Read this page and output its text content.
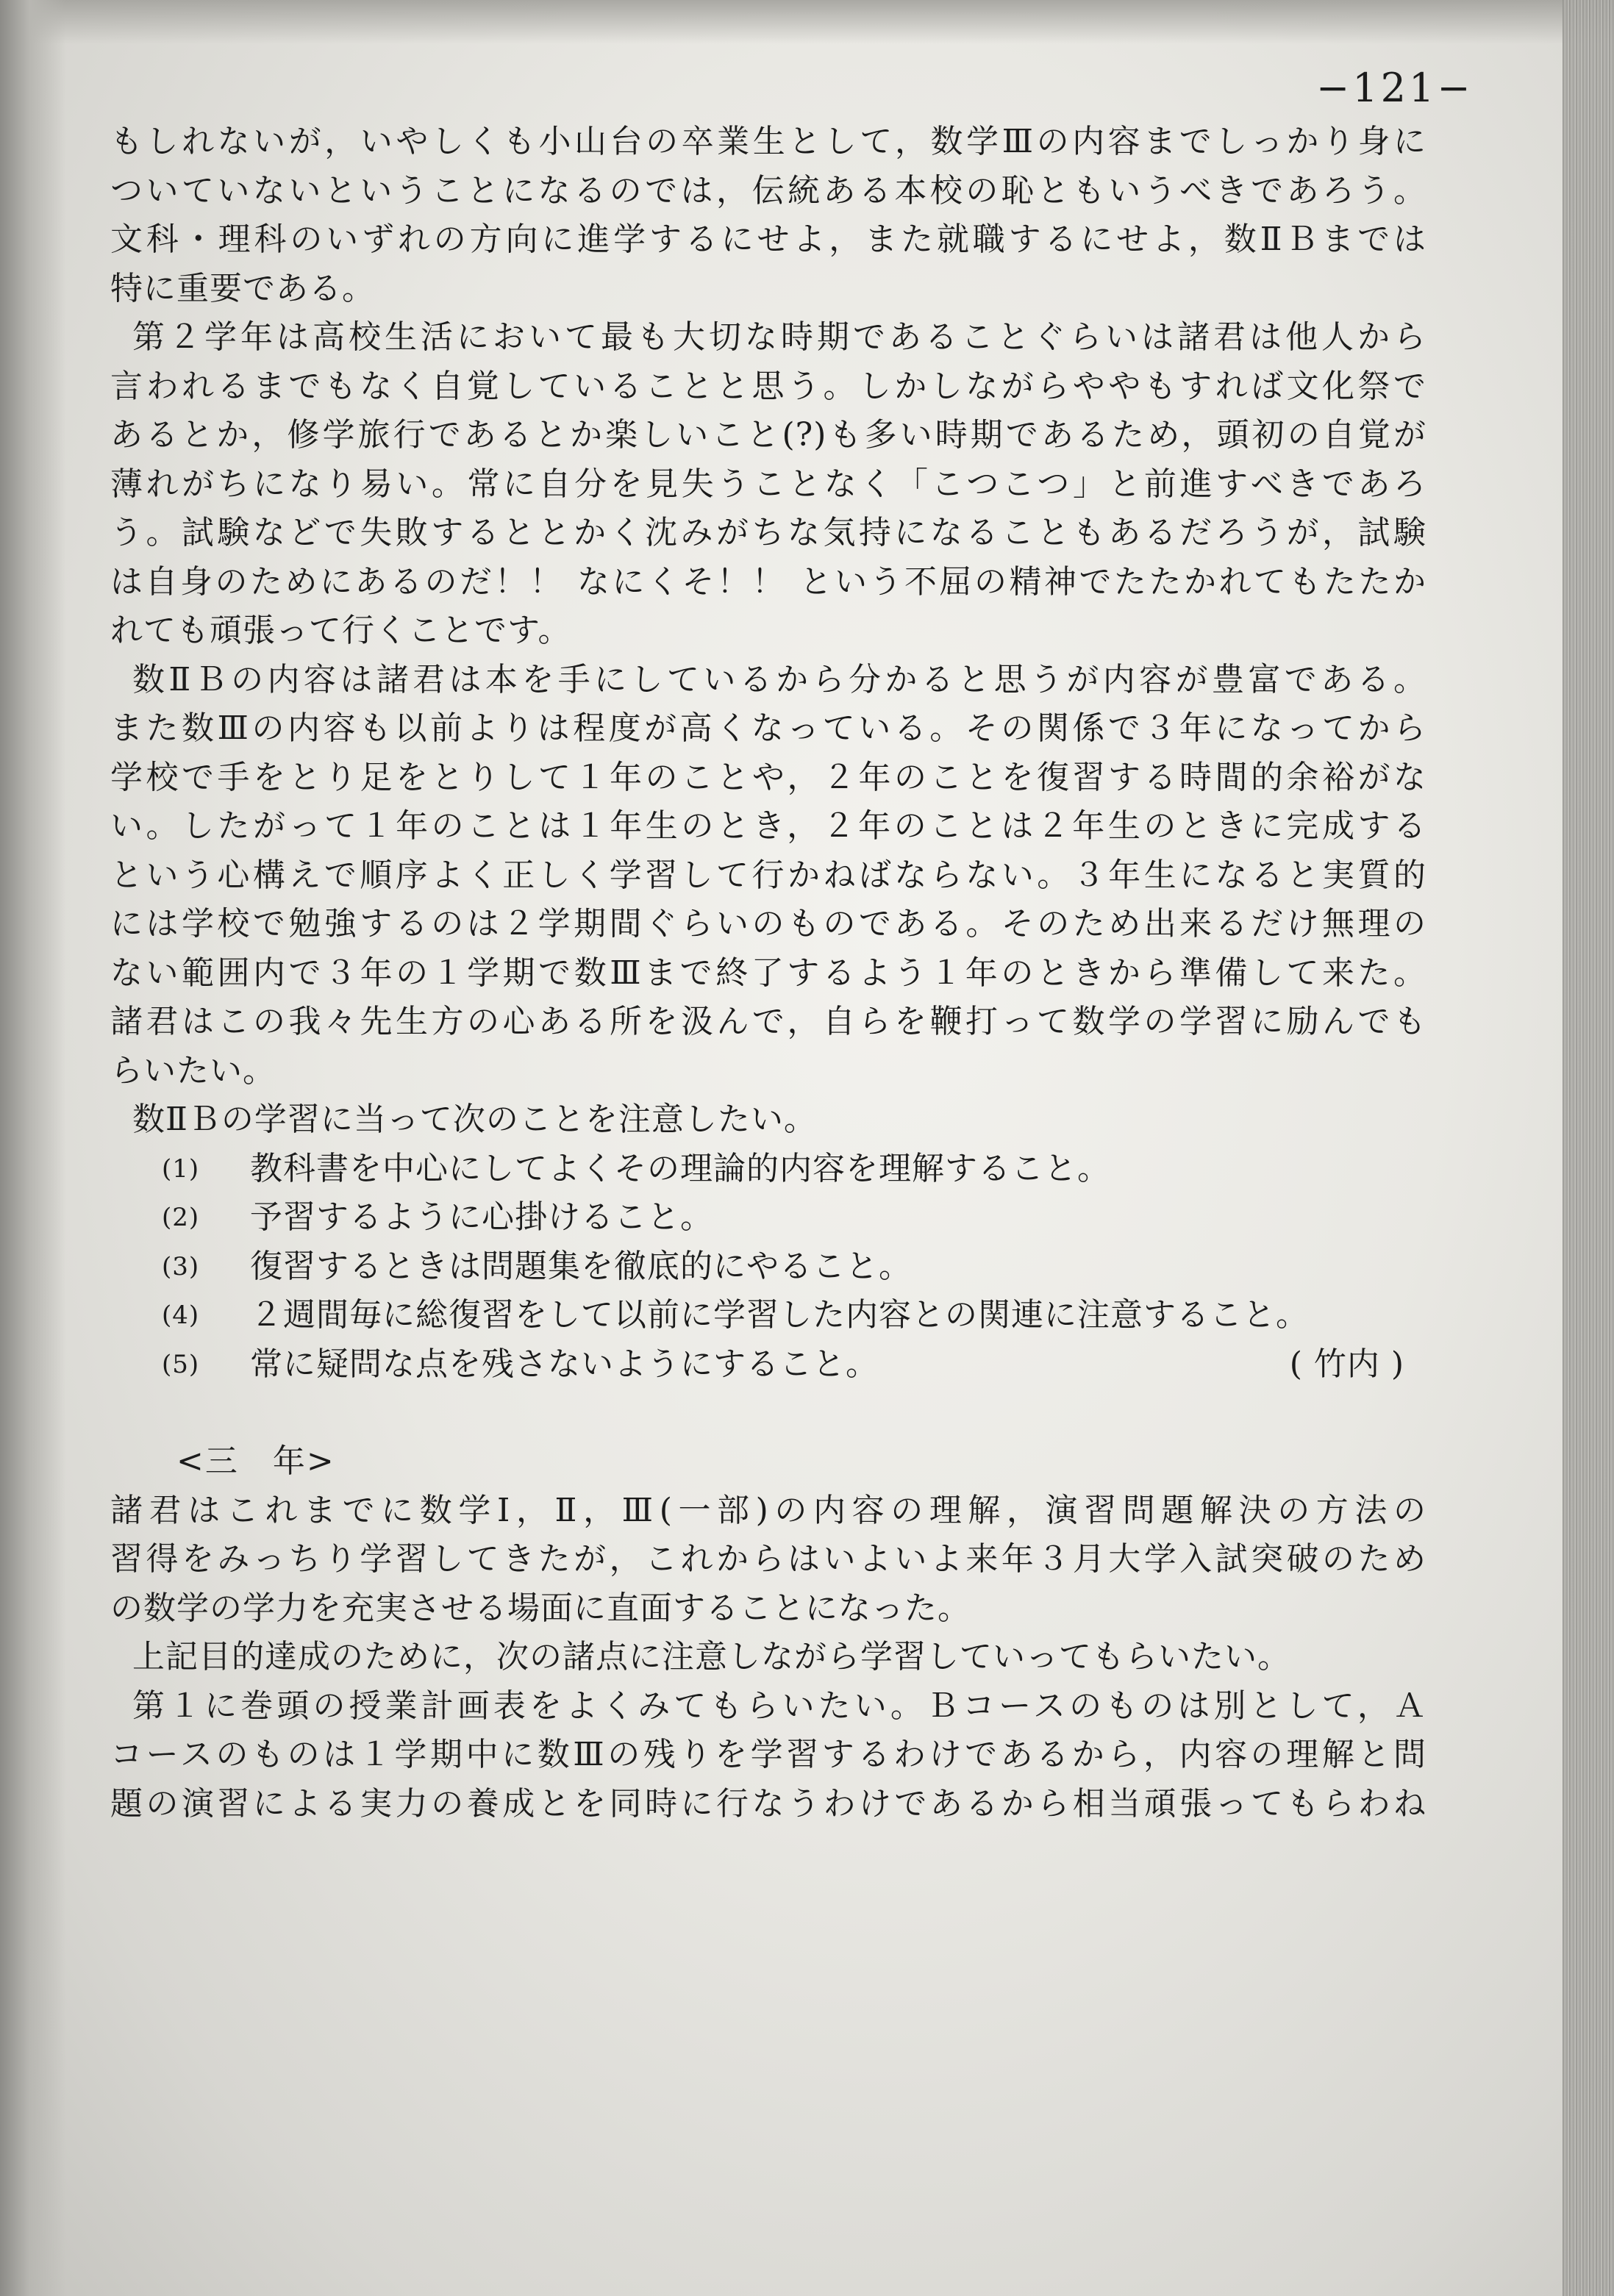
−121−
もしれないが，いやしくも小山台の卒業生として，数学Ⅲの内容までしっかり身に
ついていないということになるのでは，伝統ある本校の恥ともいうべきであろう。
文科・理科のいずれの方向に進学するにせよ，また就職するにせよ，数ⅡＢまでは
特に重要である。
第２学年は高校生活において最も大切な時期であることぐらいは諸君は他人から
言われるまでもなく自覚していることと思う。しかしながらややもすれば文化祭で
あるとか，修学旅行であるとか楽しいこと(?)も多い時期であるため，頭初の自覚が
薄れがちになり易い。常に自分を見失うことなく「こつこつ」と前進すべきであろ
う。試験などで失敗するととかく沈みがちな気持になることもあるだろうが，試験
は自身のためにあるのだ！！ なにくそ！！ という不屈の精神でたたかれてもたたか
れても頑張って行くことです。
数ⅡＢの内容は諸君は本を手にしているから分かると思うが内容が豊富である。
また数Ⅲの内容も以前よりは程度が高くなっている。その関係で３年になってから
学校で手をとり足をとりして１年のことや，２年のことを復習する時間的余裕がな
い。したがって１年のことは１年生のとき，２年のことは２年生のときに完成する
という心構えで順序よく正しく学習して行かねばならない。３年生になると実質的
には学校で勉強するのは２学期間ぐらいのものである。そのため出来るだけ無理の
ない範囲内で３年の１学期で数Ⅲまで終了するよう１年のときから準備して来た。
諸君はこの我々先生方の心ある所を汲んで，自らを鞭打って数学の学習に励んでも
らいたい。
数ⅡＢの学習に当って次のことを注意したい。
(1) 教科書を中心にしてよくその理論的内容を理解すること。
(2) 予習するように心掛けること。
(3) 復習するときは問題集を徹底的にやること。
(4) ２週間毎に総復習をして以前に学習した内容との関連に注意すること。
(5) 常に疑問な点を残さないようにすること。	( 竹内 )
<三　年>
諸君はこれまでに数学Ⅰ，Ⅱ，Ⅲ(一部)の内容の理解，演習問題解決の方法の
習得をみっちり学習してきたが，これからはいよいよ来年３月大学入試突破のため
の数学の学力を充実させる場面に直面することになった。
上記目的達成のために，次の諸点に注意しながら学習していってもらいたい。
第１に巻頭の授業計画表をよくみてもらいたい。Ｂコースのものは別として，Ａ
コースのものは１学期中に数Ⅲの残りを学習するわけであるから，内容の理解と問
題の演習による実力の養成とを同時に行なうわけであるから相当頑張ってもらわね
